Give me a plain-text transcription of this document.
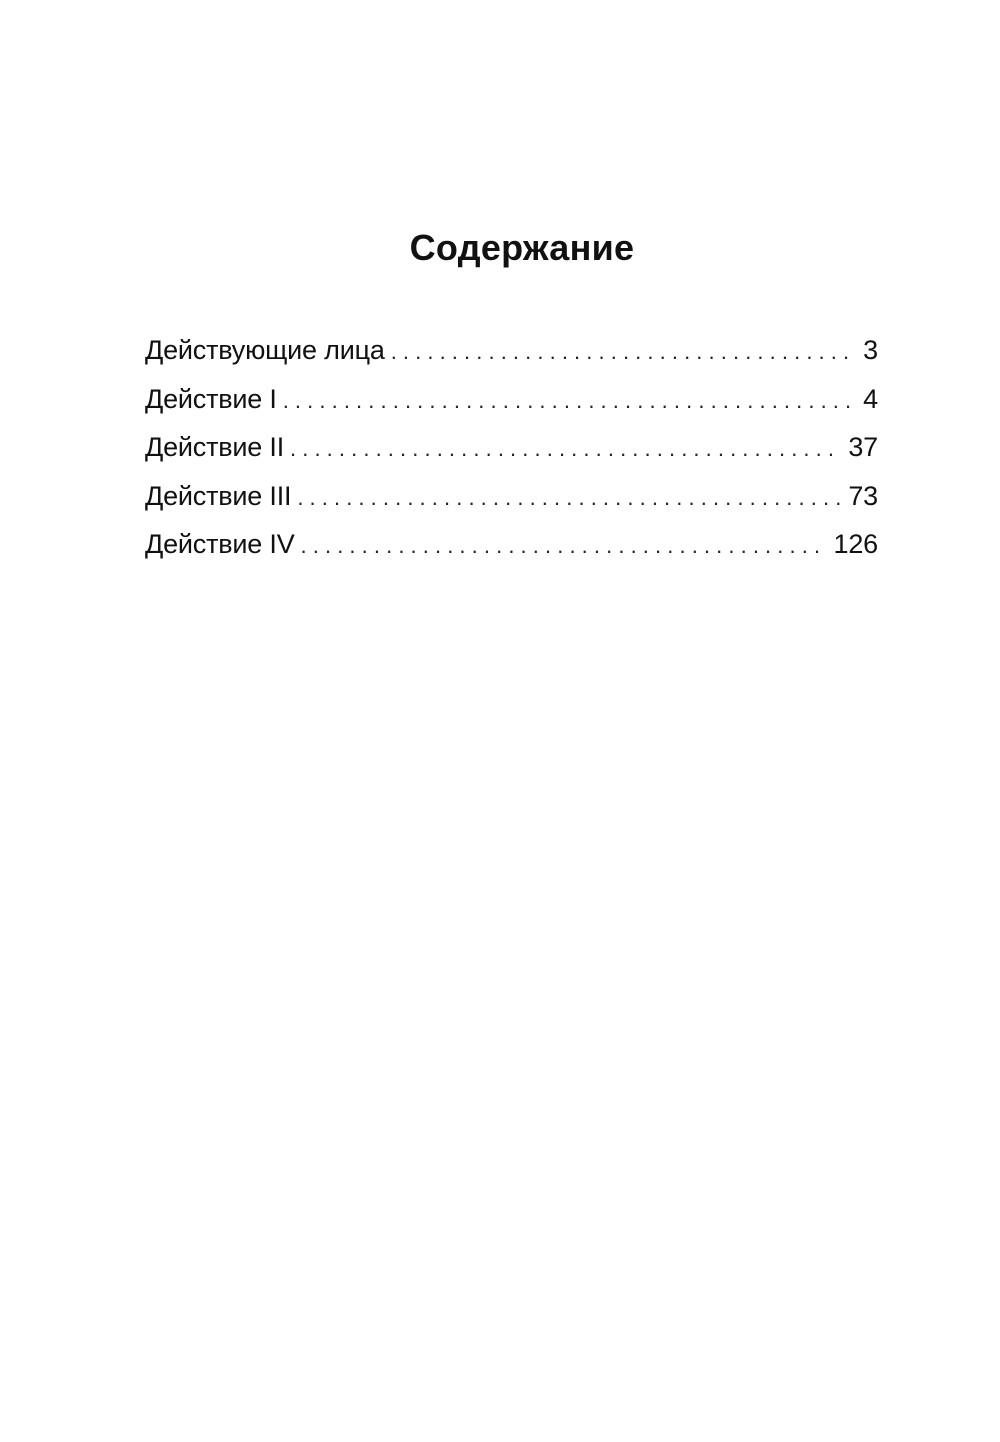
Содержание
Действующие лица . . .	3
Действие I . . .	4
Действие II . . .	37
Действие III . . .	73
Действие IV . . .	126
